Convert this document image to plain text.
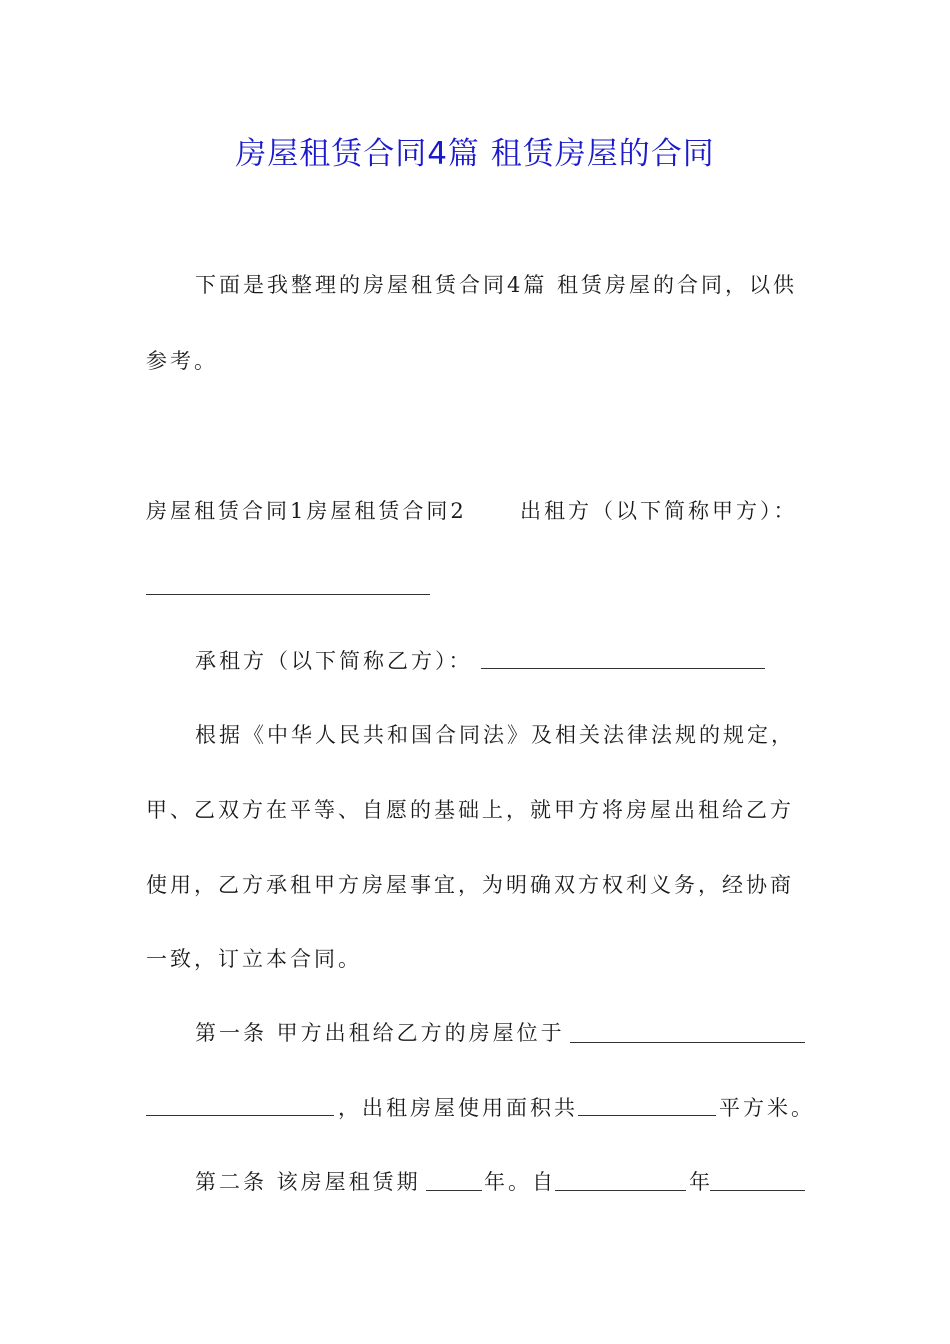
房屋租赁合同4篇 租赁房屋的合同
下面是我整理的房屋租赁合同4篇 租赁房屋的合同，以供
参考。
房屋租赁合同1房屋租赁合同2	出租方（以下简称甲方）：
承租方（以下简称乙方）：
根据《中华人民共和国合同法》及相关法律法规的规定，
甲、乙双方在平等、自愿的基础上，就甲方将房屋出租给乙方
使用，乙方承租甲方房屋事宜，为明确双方权利义务，经协商
一致，订立本合同。
第一条 甲方出租给乙方的房屋位于
，出租房屋使用面积共	平方米。
第二条 该房屋租赁期	年。自	年
